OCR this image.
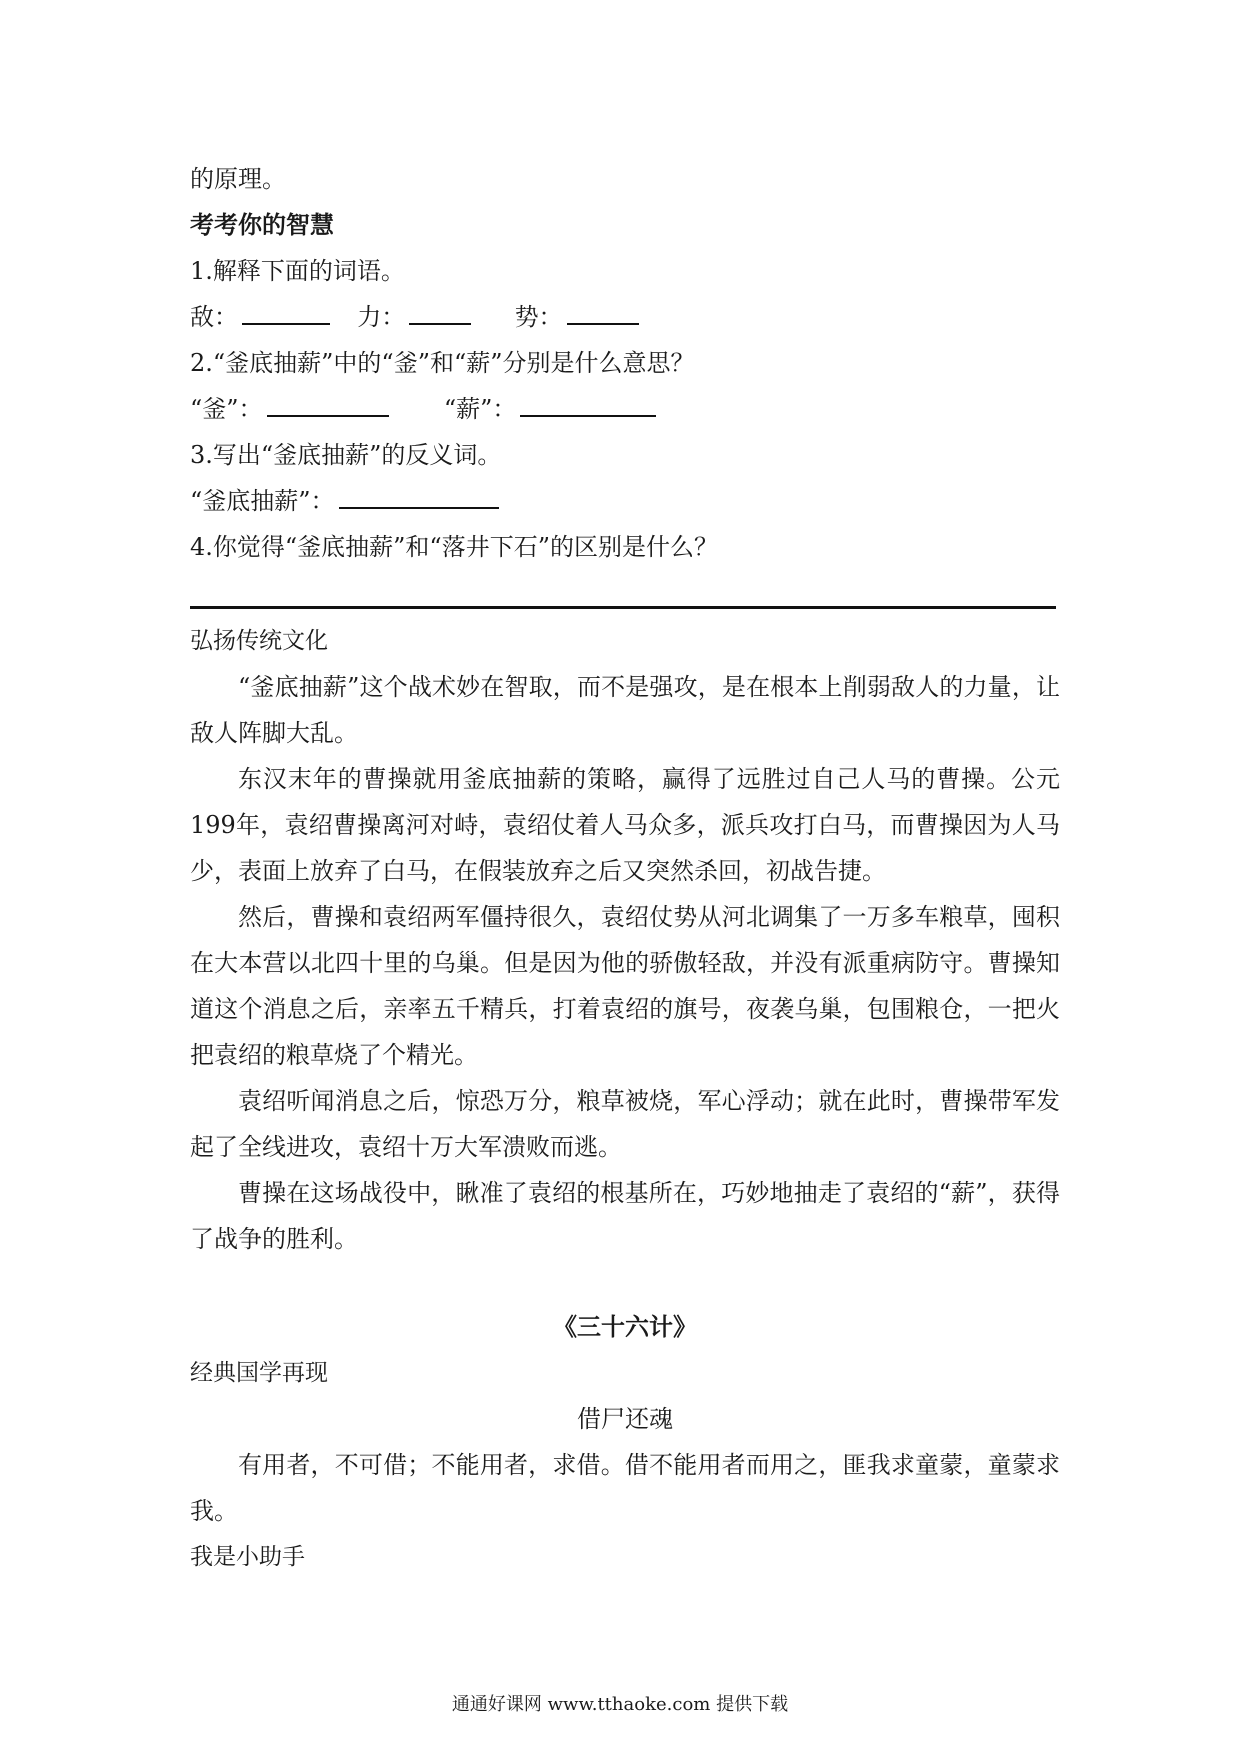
的原理。
考考你的智慧
1.解释下面的词语。
敌：	力：	势：
2.“釜底抽薪”中的“釜”和“薪”分别是什么意思？
“釜”：	“薪”：
3.写出“釜底抽薪”的反义词。
“釜底抽薪”：
4.你觉得“釜底抽薪”和“落井下石”的区别是什么？
弘扬传统文化

“釜底抽薪”这个战术妙在智取，而不是强攻，是在根本上削弱敌人的力量，让敌人阵脚大乱。

东汉末年的曹操就用釜底抽薪的策略，赢得了远胜过自己人马的曹操。公元199年，袁绍曹操离河对峙，袁绍仗着人马众多，派兵攻打白马，而曹操因为人马少，表面上放弃了白马，在假装放弃之后又突然杀回，初战告捷。

然后，曹操和袁绍两军僵持很久，袁绍仗势从河北调集了一万多车粮草，囤积在大本营以北四十里的乌巢。但是因为他的骄傲轻敌，并没有派重病防守。曹操知道这个消息之后，亲率五千精兵，打着袁绍的旗号，夜袭乌巢，包围粮仓，一把火把袁绍的粮草烧了个精光。

袁绍听闻消息之后，惊恐万分，粮草被烧，军心浮动；就在此时，曹操带军发起了全线进攻，袁绍十万大军溃败而逃。

曹操在这场战役中，瞅准了袁绍的根基所在，巧妙地抽走了袁绍的“薪”，获得了战争的胜利。

《三十六计》
经典国学再现
借尸还魂

有用者，不可借；不能用者，求借。借不能用者而用之，匪我求童蒙，童蒙求我。

我是小助手
通通好课网 www.tthaoke.com 提供下载
